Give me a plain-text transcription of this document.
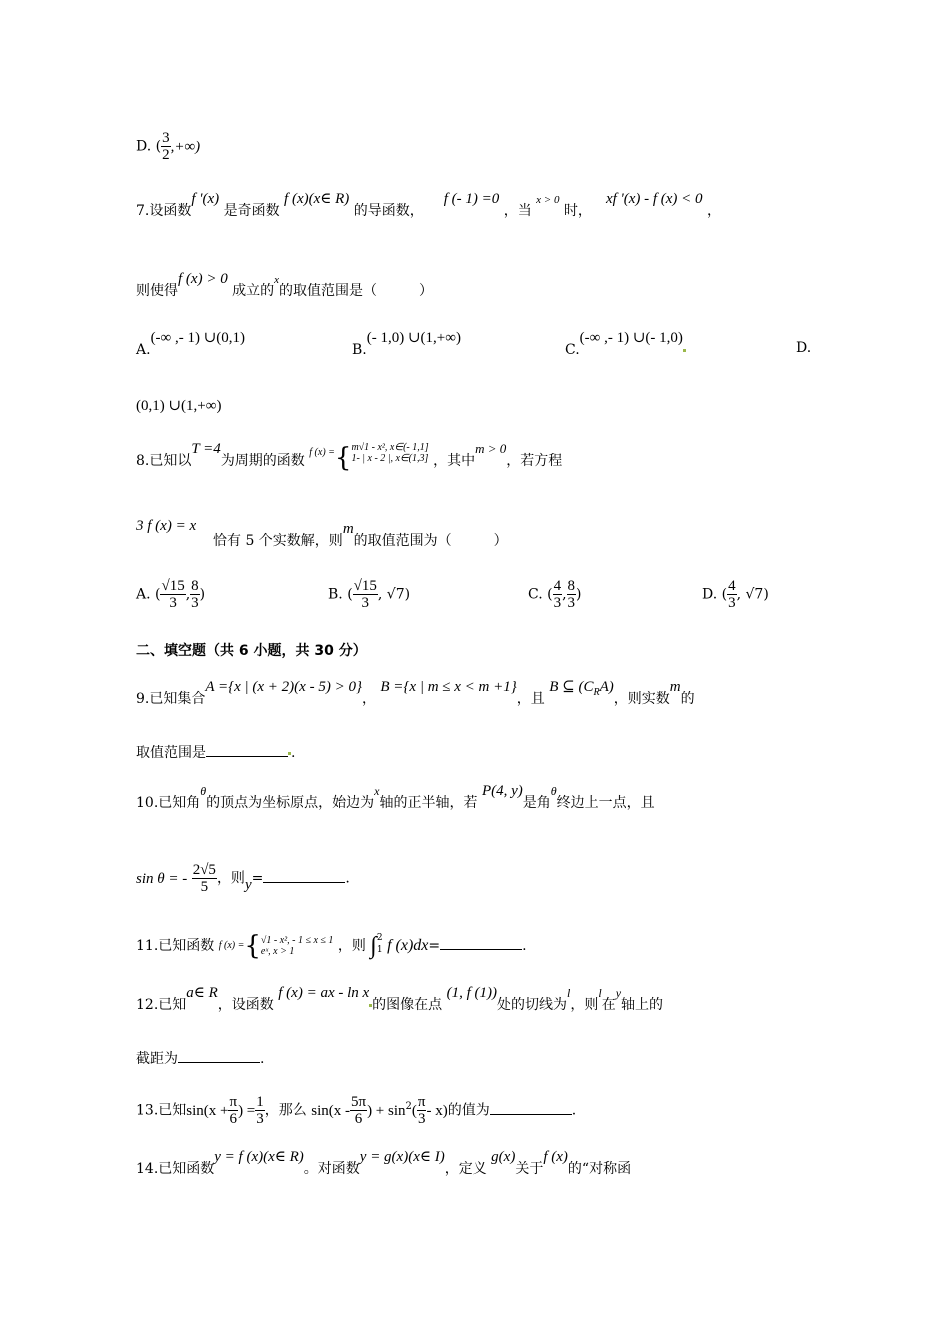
D. ( $\frac{3}{2}$ ,+∞)
7.设函数f '(x) 是奇函数 f (x)(x∈ R) 的导函数，f (- 1) =0 ，当 $^{x > 0}$ 时，xf '(x) - f (x) < 0 ，
则使得f (x) > 0 成立的$^x$的取值范围是（　　　）
A.(-∞ ,- 1) ∪(0,1)
B.(- 1,0) ∪(1,+∞)
C.(-∞ ,- 1) ∪(- 1,0)
D.
(0,1) ∪(1,+∞)
8.已知以T =4为周期的函数 $^{f (x) =}${ m√1 - x², x∈(- 1,1]
1- | x - 2 |, x∈(1,3] ，其中m > 0，若方程
3 f (x) = x

恰有 5 个实数解，则m的取值范围为（　　　）
A. ( $\frac{√15}{3}$ , $\frac{8}{3}$ )	B. ( $\frac{√15}{3}$ , √7)	C. ( $\frac{4}{3}$ , $\frac{8}{3}$ )	D. ( $\frac{4}{3}$ , √7)
二、填空题（共 6 小题，共 30 分）
9.已知集合A ={x | (x + 2)(x - 5) > 0}， B ={x | m ≤ x < m +1}，且 B ⊆ $(C_RA)$，则实数m的
取值范围是	.
10.已知角θ的顶点为坐标原点，始边为x轴的正半轴，若 P(4, y)是角θ终边上一点，且
sin θ = - $\frac{2√5}{5}$ ，则y=	.
11.已知函数 f (x) ={ √1 - x², - 1 ≤ x ≤ 1
eˣ, x > 1	，则 ∫ 2
1 f (x)dx=	.
12.已知a∈ R，设函数 f (x) = ax - ln x的图像在点 (1, f (1))处的切线为l，则l在y轴上的
截距为	.
13.已知$\sin(x + \frac{\pi}{6}$ ) = $\frac{1}{3}$ ，那么 $\sin(x - \frac{5\pi}{6}$ ) + $\sin^2( \frac{\pi}{3} - x)$的值为	.
14.已知函数y = f (x)(x∈ R)。对函数y = g(x)(x∈ I)，定义 g(x)关于f (x)的“对称函
